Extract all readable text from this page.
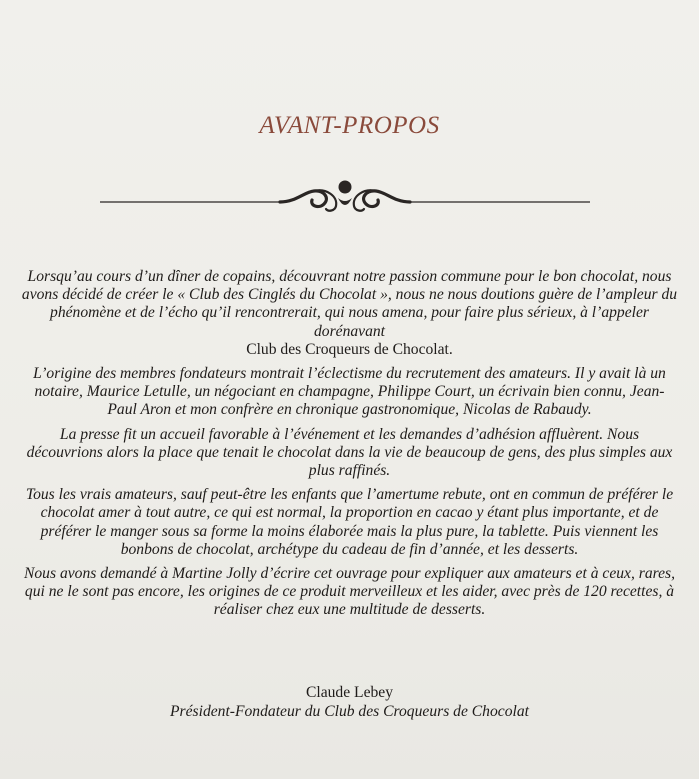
AVANT-PROPOS

Lorsqu’au cours d’un dîner de copains, découvrant notre passion commune pour le bon chocolat, nous avons décidé de créer le « Club des Cinglés du Chocolat », nous ne nous doutions guère de l’ampleur du phénomène et de l’écho qu’il rencontrerait, qui nous amena, pour faire plus sérieux, à l’appeler dorénavant
Club des Croqueurs de Chocolat.

L’origine des membres fondateurs montrait l’éclectisme du recrutement des amateurs. Il y avait là un notaire, Maurice Letulle, un négociant en champagne, Philippe Court, un écrivain bien connu, Jean-Paul Aron et mon confrère en chronique gastronomique, Nicolas de Rabaudy.

La presse fit un accueil favorable à l’événement et les demandes d’adhésion affluèrent. Nous découvrions alors la place que tenait le chocolat dans la vie de beaucoup de gens, des plus simples aux plus raffinés.

Tous les vrais amateurs, sauf peut-être les enfants que l’amertume rebute, ont en commun de préférer le chocolat amer à tout autre, ce qui est normal, la proportion en cacao y étant plus importante, et de préférer le manger sous sa forme la moins élaborée mais la plus pure, la tablette. Puis viennent les bonbons de chocolat, archétype du cadeau de fin d’année, et les desserts.

Nous avons demandé à Martine Jolly d’écrire cet ouvrage pour expliquer aux amateurs et à ceux, rares, qui ne le sont pas encore, les origines de ce produit merveilleux et les aider, avec près de 120 recettes, à réaliser chez eux une multitude de desserts.

Claude Lebey
Président-Fondateur du Club des Croqueurs de Chocolat
